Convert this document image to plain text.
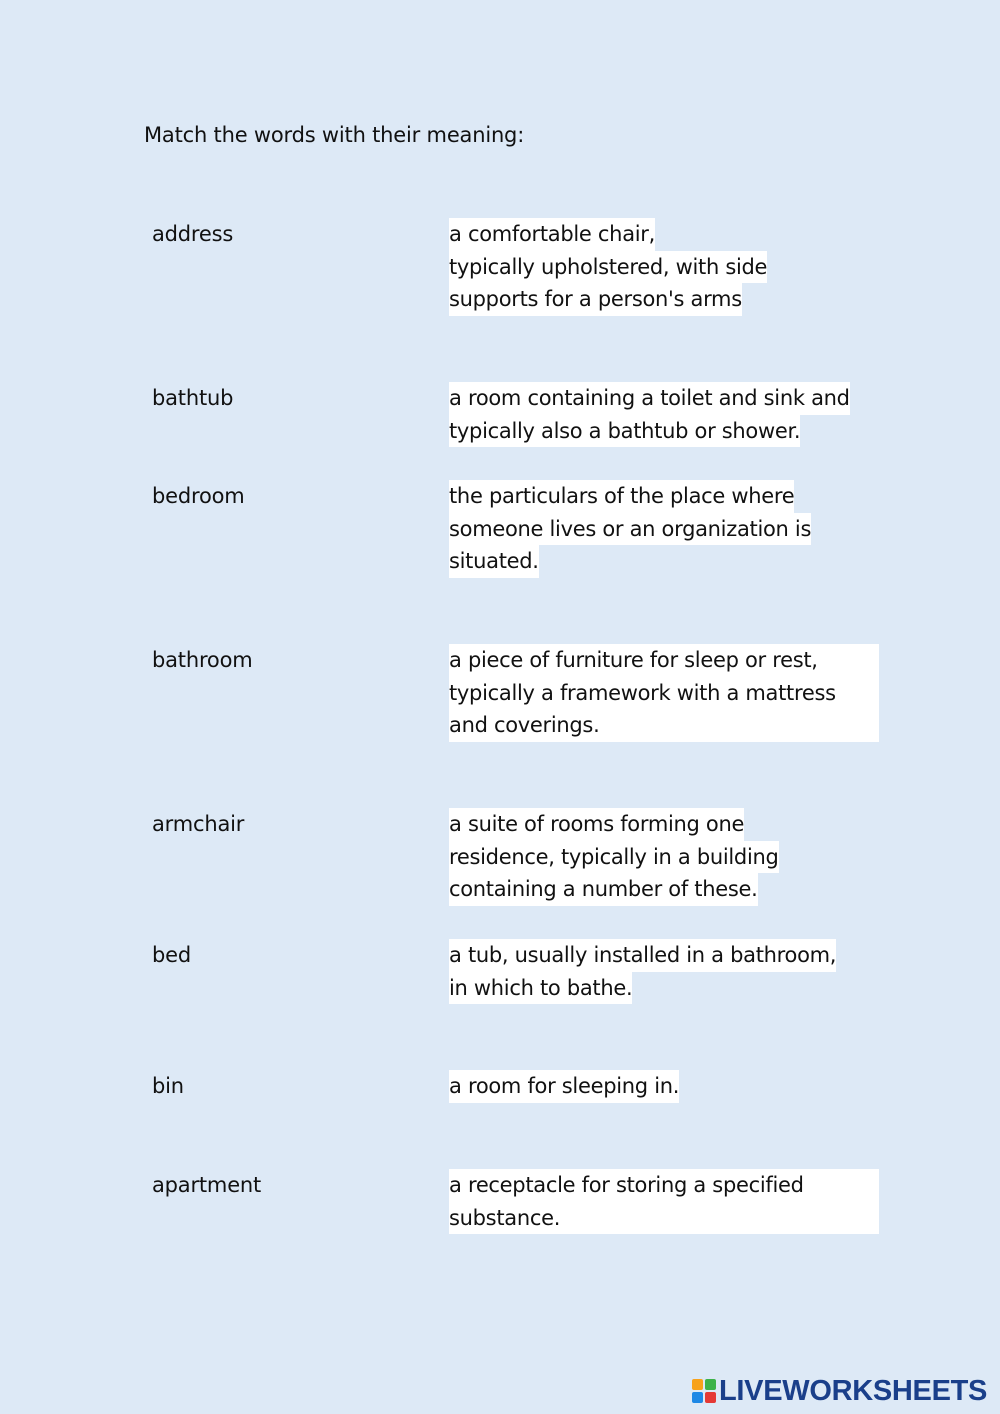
Match the words with their meaning:
address
bathtub
bedroom
bathroom
armchair
bed
bin
apartment
a comfortable chair,
typically upholstered, with side
supports for a person's arms
a room containing a toilet and sink and
typically also a bathtub or shower.
the particulars of the place where
someone lives or an organization is
situated.
a piece of furniture for sleep or rest,
typically a framework with a mattress
and coverings.
a suite of rooms forming one
residence, typically in a building
containing a number of these.
a tub, usually installed in a bathroom,
in which to bathe.
a room for sleeping in.
a receptacle for storing a specified
substance.
LIVEWORKSHEETS
